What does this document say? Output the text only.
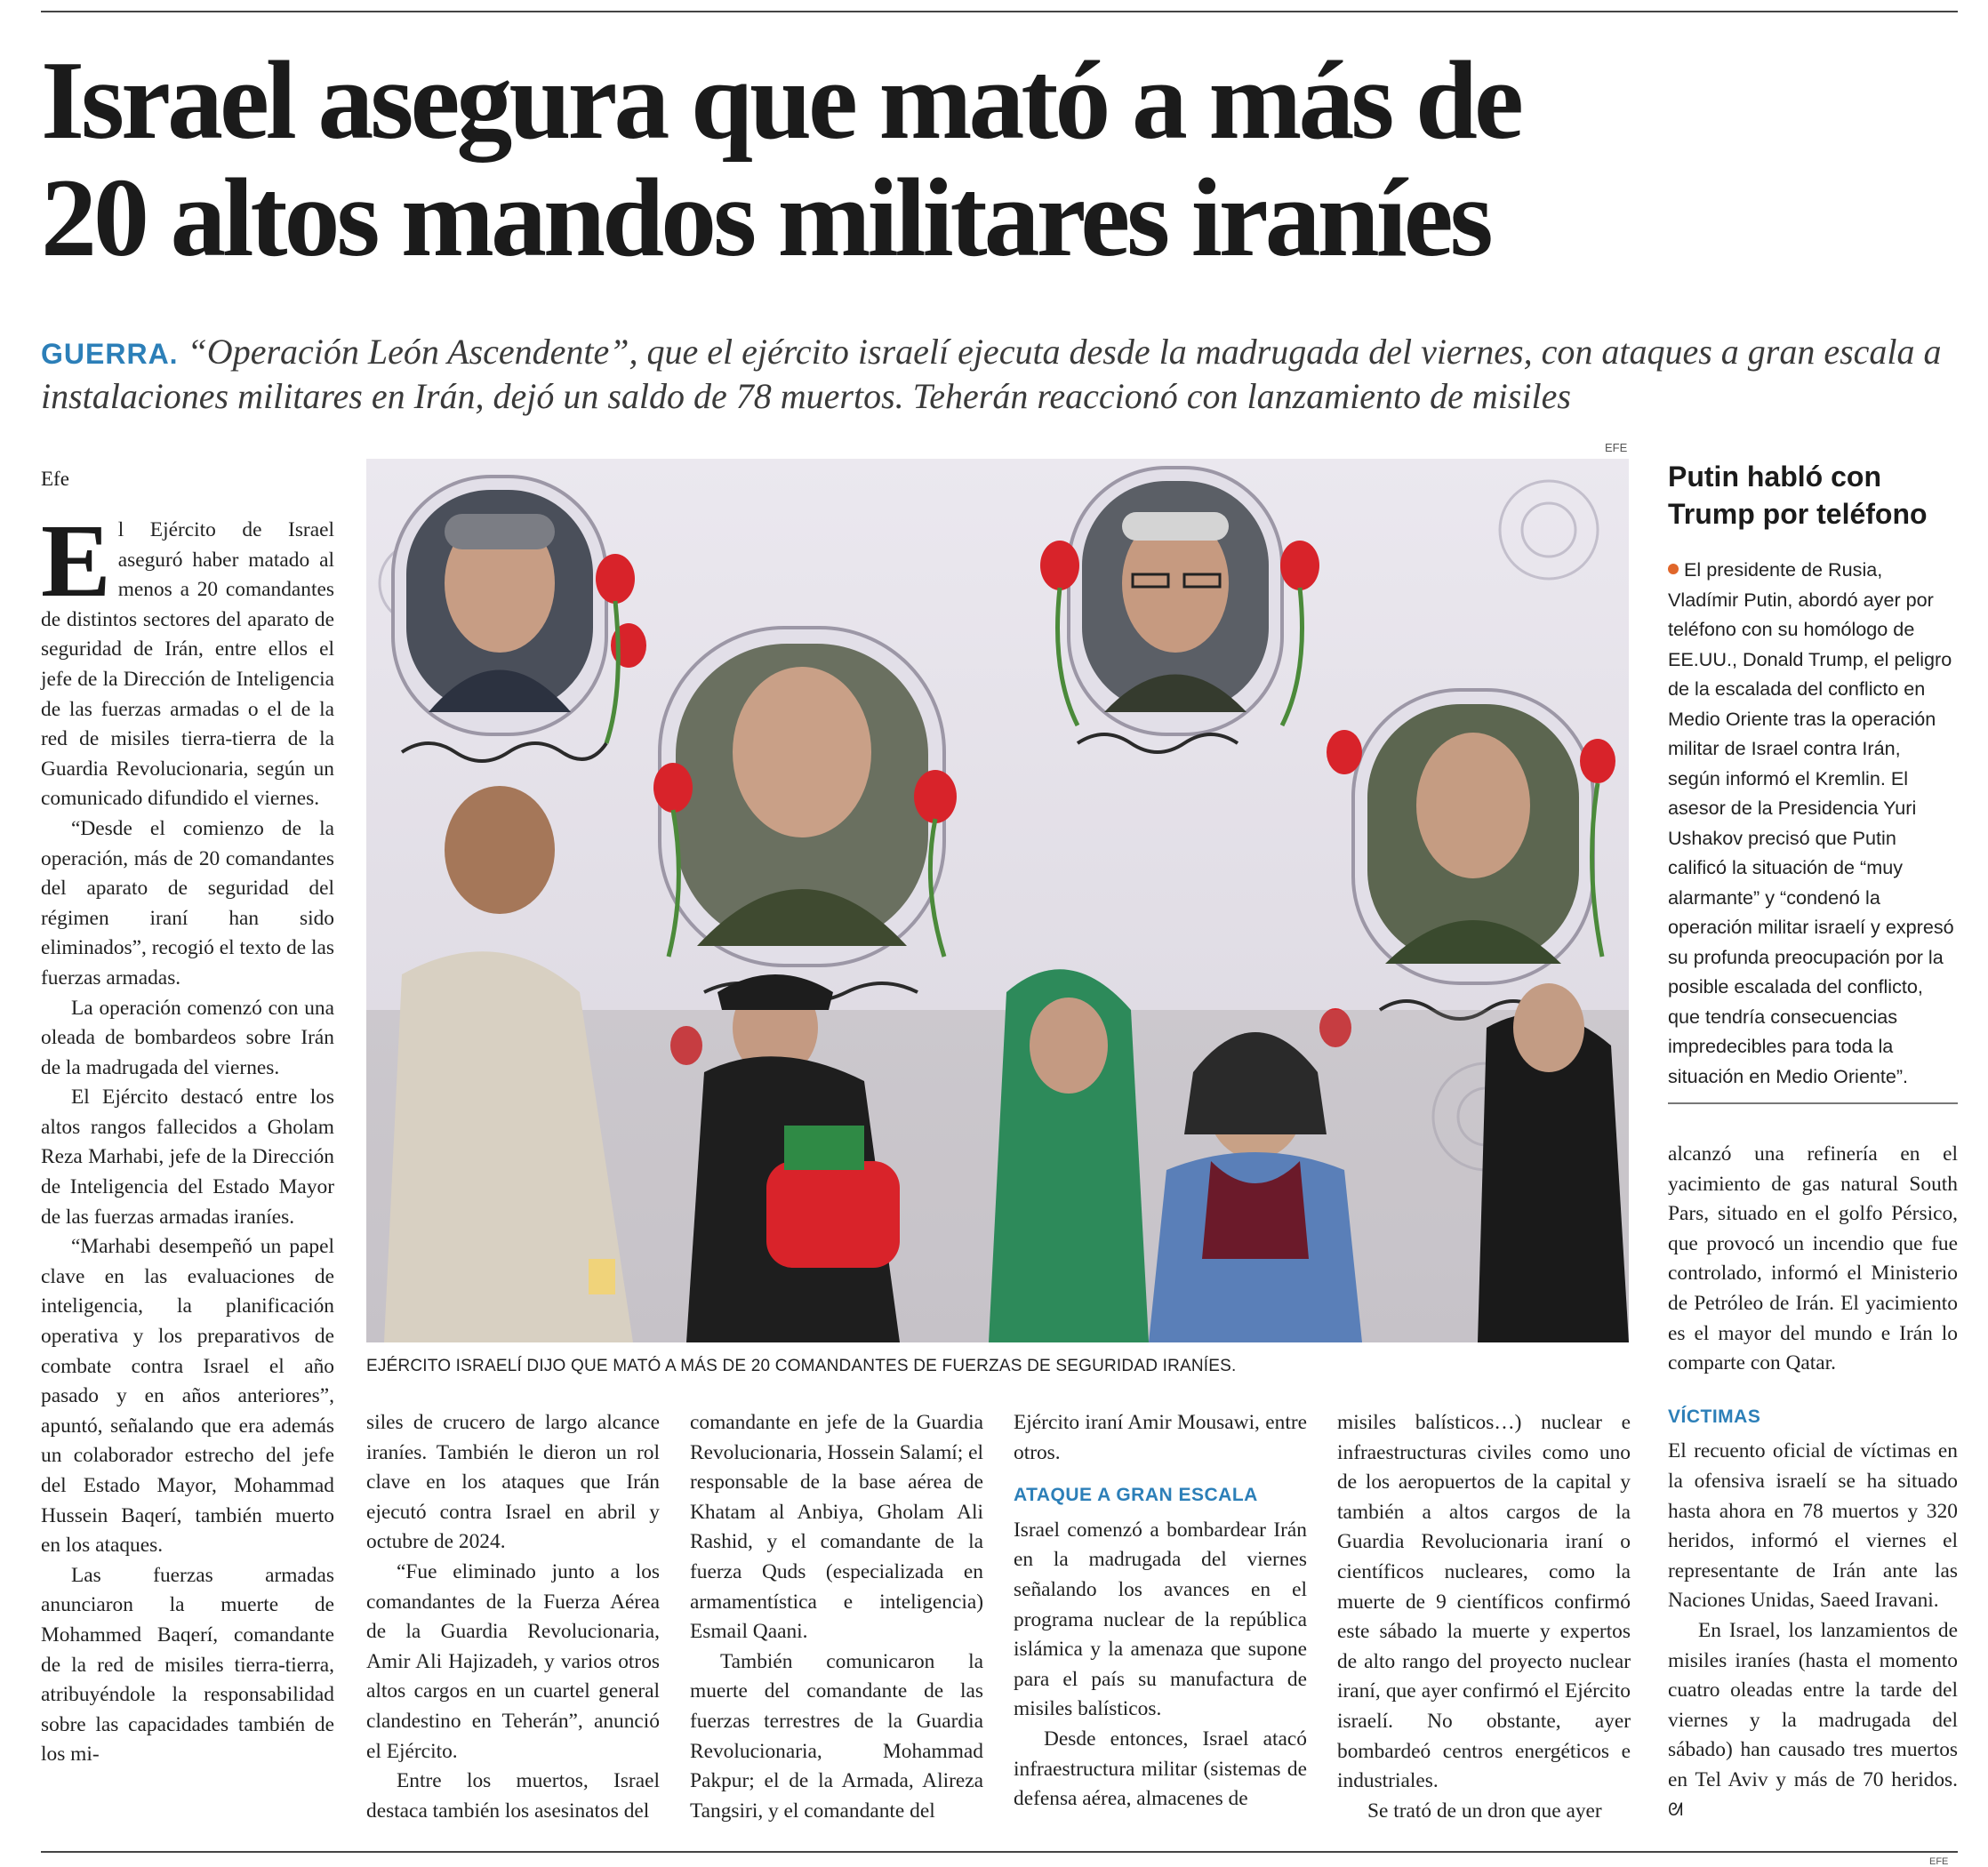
Israel asegura que mató a más de
20 altos mandos militares iraníes
GUERRA. “Operación León Ascendente”, que el ejército israelí ejecuta desde la madrugada del viernes, con ataques a gran escala a instalaciones militares en Irán, dejó un saldo de 78 muertos. Teherán reaccionó con lanzamiento de misiles
Efe

El Ejército de Israel aseguró haber matado al menos a 20 comandantes de distintos sectores del aparato de seguridad de Irán, entre ellos el jefe de la Dirección de Inteligencia de las fuerzas armadas o el de la red de misiles tierra-tierra de la Guardia Revolucionaria, según un comunicado difundido el viernes.

“Desde el comienzo de la operación, más de 20 comandantes del aparato de seguridad del régimen iraní han sido eliminados”, recogió el texto de las fuerzas armadas.

La operación comenzó con una oleada de bombardeos sobre Irán de la madrugada del viernes.

El Ejército destacó entre los altos rangos fallecidos a Gholam Reza Marhabi, jefe de la Dirección de Inteligencia del Estado Mayor de las fuerzas armadas iraníes.

“Marhabi desempeñó un papel clave en las evaluaciones de inteligencia, la planificación operativa y los preparativos de combate contra Israel el año pasado y en años anteriores”, apuntó, señalando que era además un colaborador estrecho del jefe del Estado Mayor, Mohammad Hussein Baqerí, también muerto en los ataques.

Las fuerzas armadas anunciaron la muerte de Mohammed Baqerí, comandante de la red de misiles tierra-tierra, atribuyéndole la responsabilidad sobre las capacidades también de los mi-

EFE
EJÉRCITO ISRAELÍ DIJO QUE MATÓ A MÁS DE 20 COMANDANTES DE FUERZAS DE SEGURIDAD IRANÍES.

siles de crucero de largo alcance iraníes. También le dieron un rol clave en los ataques que Irán ejecutó contra Israel en abril y octubre de 2024.

“Fue eliminado junto a los comandantes de la Fuerza Aérea de la Guardia Revolucionaria, Amir Ali Hajizadeh, y varios otros altos cargos en un cuartel general clandestino en Teherán”, anunció el Ejército.

Entre los muertos, Israel destaca también los asesinatos del

comandante en jefe de la Guardia Revolucionaria, Hossein Salamí; el responsable de la base aérea de Khatam al Anbiya, Gholam Ali Rashid, y el comandante de la fuerza Quds (especializada en armamentística e inteligencia) Esmail Qaani.

También comunicaron la muerte del comandante de las fuerzas terrestres de la Guardia Revolucionaria, Mohammad Pakpur; el de la Armada, Alireza Tangsiri, y el comandante del

Ejército iraní Amir Mousawi, entre otros.

ATAQUE A GRAN ESCALA

Israel comenzó a bombardear Irán en la madrugada del viernes señalando los avances en el programa nuclear de la república islámica y la amenaza que supone para el país su manufactura de misiles balísticos.

Desde entonces, Israel atacó infraestructura militar (sistemas de defensa aérea, almacenes de

misiles balísticos…) nuclear e infraestructuras civiles como uno de los aeropuertos de la capital y también a altos cargos de la Guardia Revolucionaria iraní o científicos nucleares, como la muerte de 9 científicos confirmó este sábado la muerte y expertos de alto rango del proyecto nuclear iraní, que ayer confirmó el Ejército israelí. No obstante, ayer bombardeó centros energéticos e industriales.

Se trató de un dron que ayer

Putin habló con Trump por teléfono
El presidente de Rusia, Vladímir Putin, abordó ayer por teléfono con su homólogo de EE.UU., Donald Trump, el peligro de la escalada del conflicto en Medio Oriente tras la operación militar de Israel contra Irán, según informó el Kremlin. El asesor de la Presidencia Yuri Ushakov precisó que Putin calificó la situación de “muy alarmante” y “condenó la operación militar israelí y expresó su profunda preocupación por la posible escalada del conflicto, que tendría consecuencias impredecibles para toda la situación en Medio Oriente”.

alcanzó una refinería en el yacimiento de gas natural South Pars, situado en el golfo Pérsico, que provocó un incendio que fue controlado, informó el Ministerio de Petróleo de Irán. El yacimiento es el mayor del mundo e Irán lo comparte con Qatar.

VÍCTIMAS

El recuento oficial de víctimas en la ofensiva israelí se ha situado hasta ahora en 78 muertos y 320 heridos, informó el viernes el representante de Irán ante las Naciones Unidas, Saeed Iravani.

En Israel, los lanzamientos de misiles iraníes (hasta el momento cuatro oleadas entre la tarde del viernes y la madrugada del sábado) han causado tres muertos en Tel Aviv y más de 70 heridos. ᘛ

EFE
